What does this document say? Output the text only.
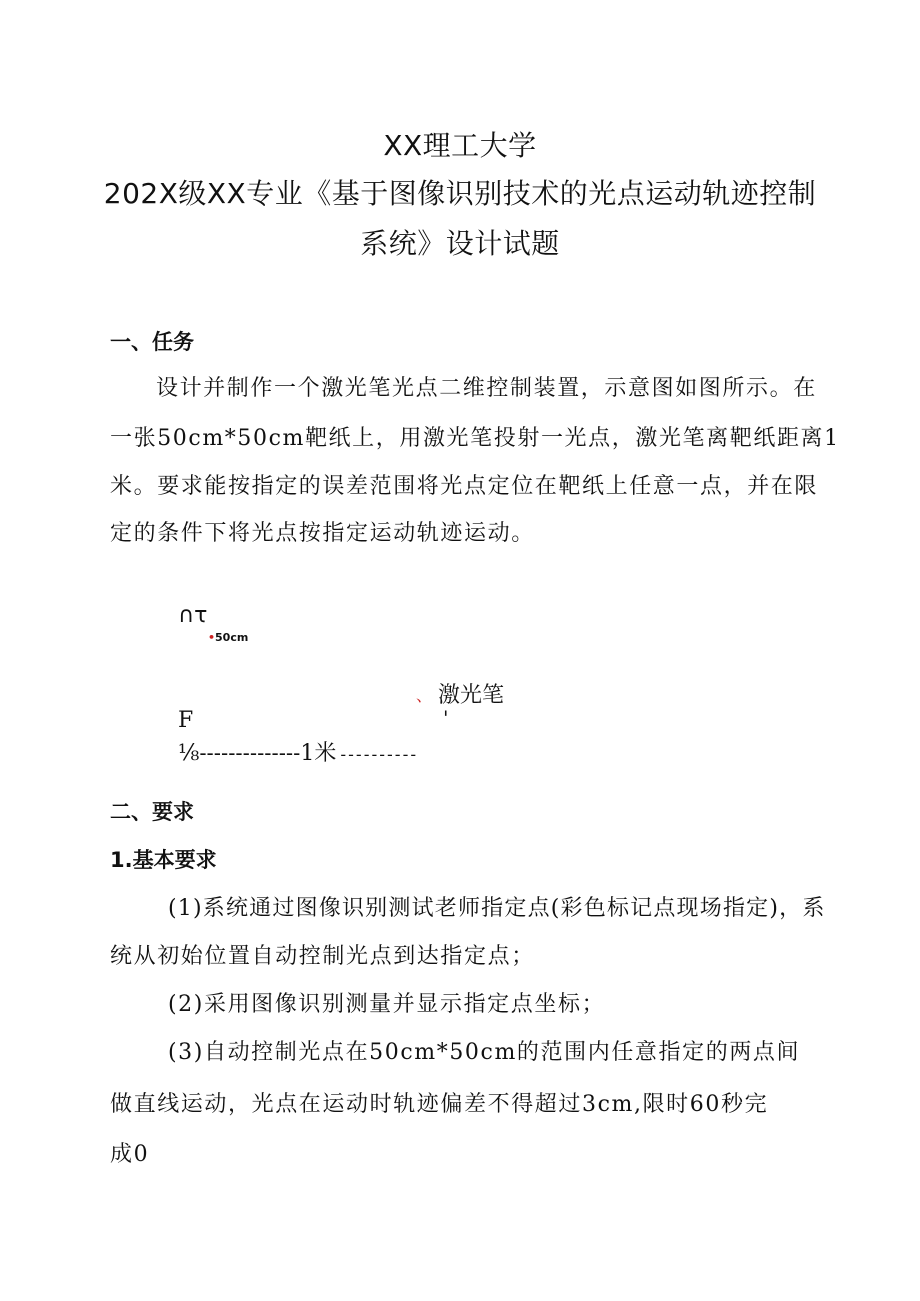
XX理工大学
202X级XX专业《基于图像识别技术的光点运动轨迹控制
系统》设计试题
一、任务
设计并制作一个激光笔光点二维控制装置，示意图如图所示。在
一张50cm*50cm靶纸上，用激光笔投射一光点，激光笔离靶纸距离1
米。要求能按指定的误差范围将光点定位在靶纸上任意一点，并在限
定的条件下将光点按指定运动轨迹运动。
∩τ
•50cm
、 激光笔
'
F
⅛--------------1米 ----------
二、要求
1.基本要求
(1)系统通过图像识别测试老师指定点(彩色标记点现场指定)，系
统从初始位置自动控制光点到达指定点；
(2)采用图像识别测量并显示指定点坐标；
(3)自动控制光点在50cm*50cm的范围内任意指定的两点间
做直线运动，光点在运动时轨迹偏差不得超过3cm,限时60秒完
成0
